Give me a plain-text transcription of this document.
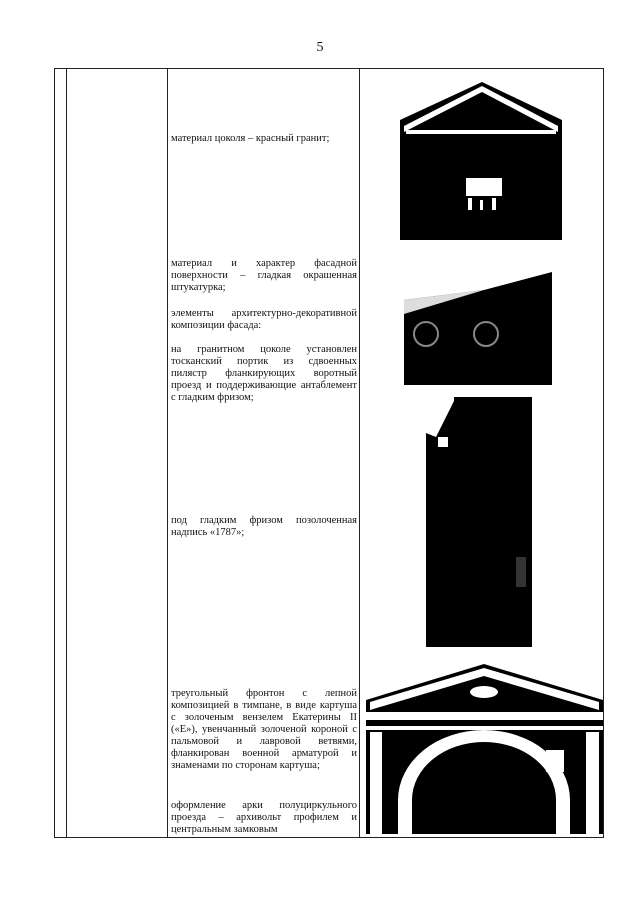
5
материал цоколя – красный гранит;
материал и характер фасадной поверхности – гладкая окрашенная штукатурка;
элементы архитектурно-декоративной композиции фасада:
на гранитном цоколе установлен тосканский портик из сдвоенных пилястр фланкирующих воротный проезд и поддерживающие антаблемент с гладким фризом;
под гладким фризом позолоченная надпись «1787»;
треугольный фронтон с лепной композицией в тимпане, в виде картуша с золоченым вензелем Екатерины II («Е»), увенчанный золоченой короной с пальмовой и лавровой ветвями, фланкирован военной арматурой и знаменами по сторонам картуша;
оформление арки полуциркульного проезда – архивольт профилем и центральным замковым
